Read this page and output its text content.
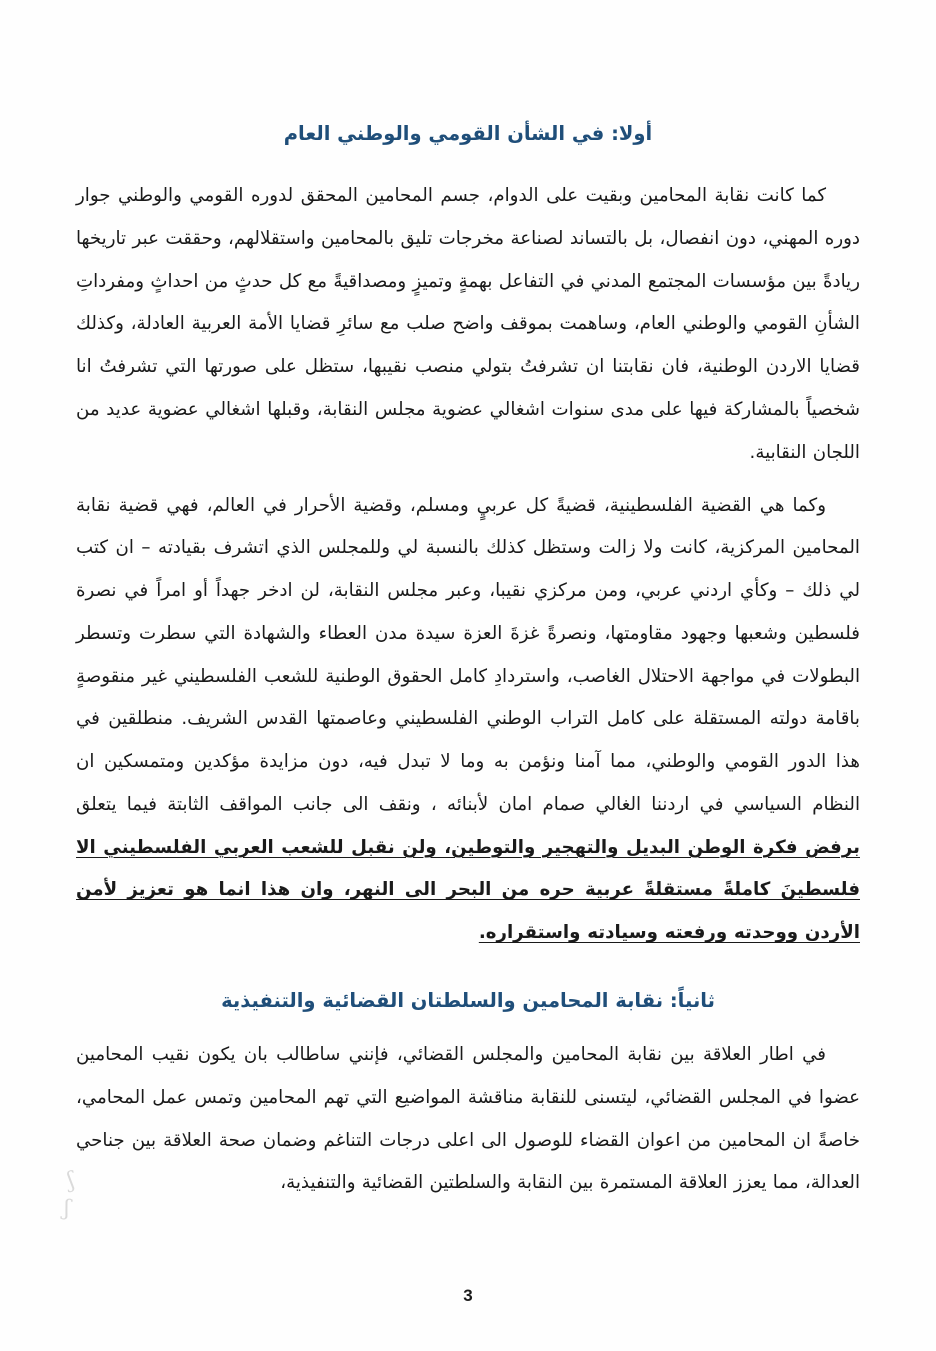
أولا: في الشأن القومي والوطني العام

كما كانت نقابة المحامين وبقيت على الدوام، جسم المحامين المحقق لدوره القومي والوطني جوار دوره المهني، دون انفصال، بل بالتساند لصناعة مخرجات تليق بالمحامين واستقلالهم، وحققت عبر تاريخها ريادةً بين مؤسسات المجتمع المدني في التفاعل بهمةٍ وتميزٍ ومصداقيةً مع كل حدثٍ من احداثٍ ومفرداتِ الشأنِ القومي والوطني العام، وساهمت بموقف واضح صلب مع سائرِ قضايا الأمة العربية العادلة، وكذلك قضايا الاردن الوطنية، فان نقابتنا ان تشرفتُ بتولي منصب نقيبها، ستظل على صورتها التي تشرفتُ انا شخصياً بالمشاركة فيها على مدى سنوات اشغالي عضوية مجلس النقابة، وقبلها اشغالي عضوية عديد من اللجان النقابية.

وكما هي القضية الفلسطينية، قضيةً كل عربيٍ ومسلم، وقضية الأحرار في العالم، فهي قضية نقابة المحامين المركزية، كانت ولا زالت وستظل كذلك بالنسبة لي وللمجلس الذي اتشرف بقيادته – ان كتب لي ذلك – وكأي اردني عربي، ومن مركزي نقيبا، وعبر مجلس النقابة، لن ادخر جهداً أو امراً في نصرة فلسطين وشعبها وجهود مقاومتها، ونصرةً غزةَ العزة سيدة مدن العطاء والشهادة التي سطرت وتسطر البطولات في مواجهة الاحتلال الغاصب، واستردادِ كامل الحقوق الوطنية للشعب الفلسطيني غير منقوصةٍ باقامة دولته المستقلة على كامل التراب الوطني الفلسطيني وعاصمتها القدس الشريف. منطلقين في هذا الدور القومي والوطني، مما آمنا ونؤمن به وما لا تبدل فيه، دون مزايدة مؤكدين ومتمسكين ان النظام السياسي في اردننا الغالي صمام امان لأبنائه ، ونقف الى جانب المواقف الثابتة فيما يتعلق برفض فكرة الوطن البديل والتهجير والتوطين، ولن نقبل للشعب العربي الفلسطيني الا فلسطينَ كاملةً مستقلةً عربية حره من البحر الى النهر، وان هذا انما هو تعزيز لأمن الأردن ووحدته ورفعته وسيادته واستقراره.

ثانياً: نقابة المحامين والسلطتان القضائية والتنفيذية

في اطار العلاقة بين نقابة المحامين والمجلس القضائي، فإنني ساطالب بان يكون نقيب المحامين عضوا في المجلس القضائي، ليتسنى للنقابة مناقشة المواضيع التي تهم المحامين وتمس عمل المحامي، خاصةً ان المحامين من اعوان القضاء للوصول الى اعلى درجات التناغم وضمان صحة العلاقة بين جناحي العدالة، مما يعزز العلاقة المستمرة بين النقابة والسلطتين القضائية والتنفيذية،

ʃ
ʃ
3
